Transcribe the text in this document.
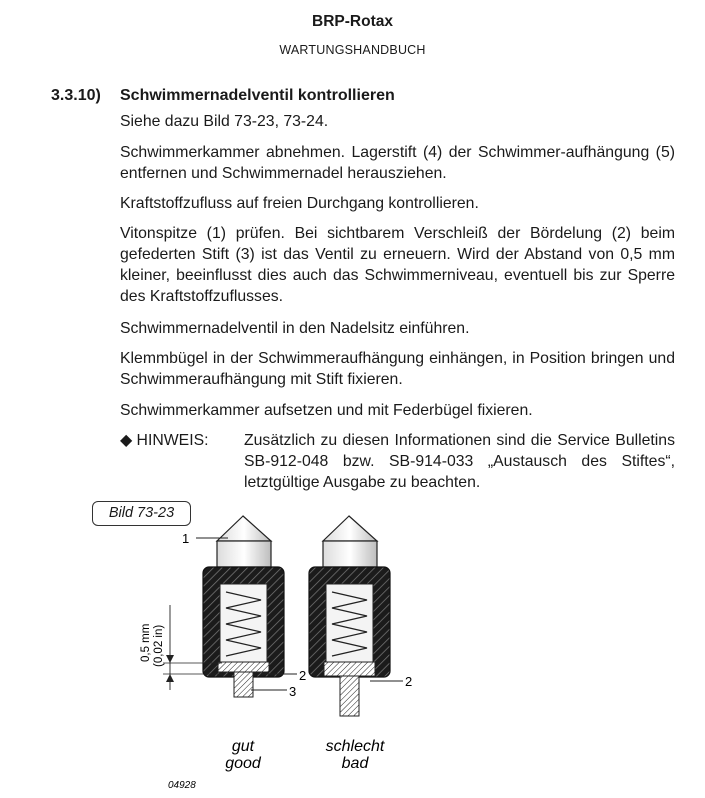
BRP-Rotax
WARTUNGSHANDBUCH
3.3.10) Schwimmernadelventil kontrollieren
Siehe dazu Bild 73-23, 73-24.
Schwimmerkammer abnehmen. Lagerstift (4) der Schwimmer-aufhängung (5) entfernen und Schwimmernadel herausziehen.
Kraftstoffzufluss auf freien Durchgang kontrollieren.
Vitonspitze (1) prüfen. Bei sichtbarem Verschleiß der Bördelung (2) beim gefederten Stift (3) ist das Ventil zu erneuern. Wird der Abstand von 0,5 mm kleiner, beeinflusst dies auch das Schwimmerniveau, eventuell bis zur Sperre des Kraftstoffzuflusses.
Schwimmernadelventil in den Nadelsitz einführen.
Klemmbügel in der Schwimmeraufhängung einhängen, in Position bringen und Schwimmeraufhängung mit Stift fixieren.
Schwimmerkammer aufsetzen und mit Federbügel fixieren.
◆ HINWEIS: Zusätzlich zu diesen Informationen sind die Service Bulletins SB-912-048 bzw. SB-914-033 „Austausch des Stiftes“, letztgültige Ausgabe zu beachten.
Bild 73-23
1
0,5 mm (0,02 in)
2
3
2
gut
good
schlecht
bad
04928
